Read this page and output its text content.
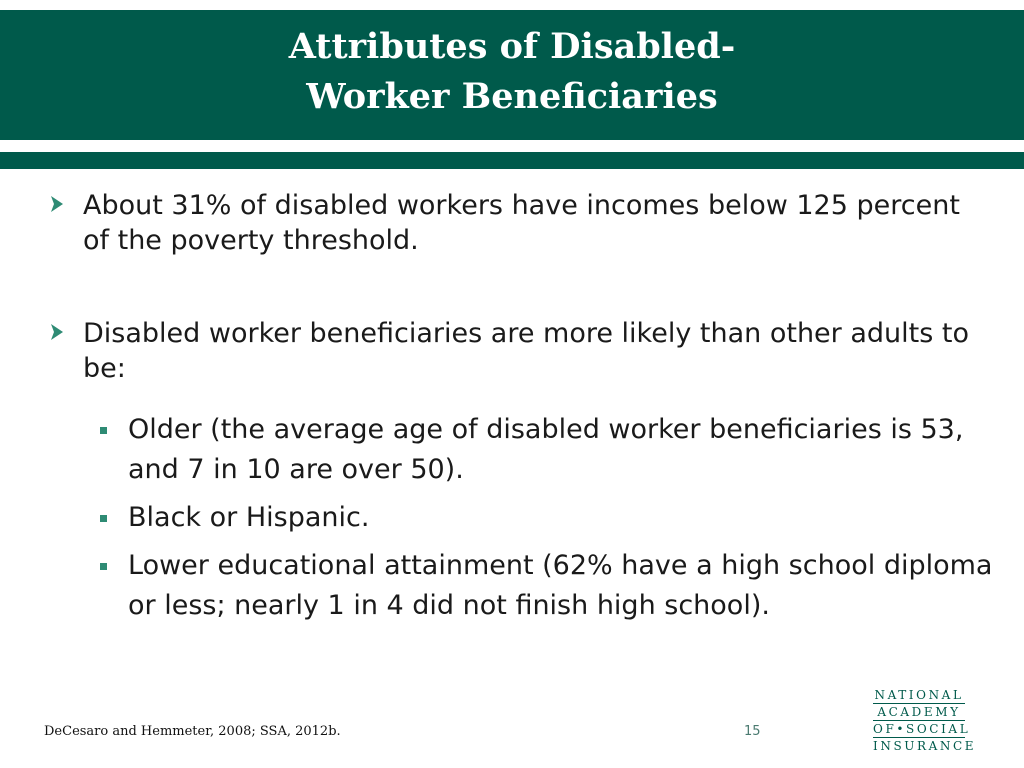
Attributes of Disabled-
Worker Beneficiaries
About 31% of disabled workers have incomes below 125 percent of the poverty threshold.
Disabled worker beneficiaries are more likely than other adults to be:
Older (the average age of disabled worker beneficiaries is 53, and 7 in 10 are over 50).
Black or Hispanic.
Lower educational attainment (62% have a high school diploma or less; nearly 1 in 4 did not finish high school).
DeCesaro and Hemmeter, 2008; SSA, 2012b.	15
NATIONAL
ACADEMY
OF•SOCIAL
INSURANCE
